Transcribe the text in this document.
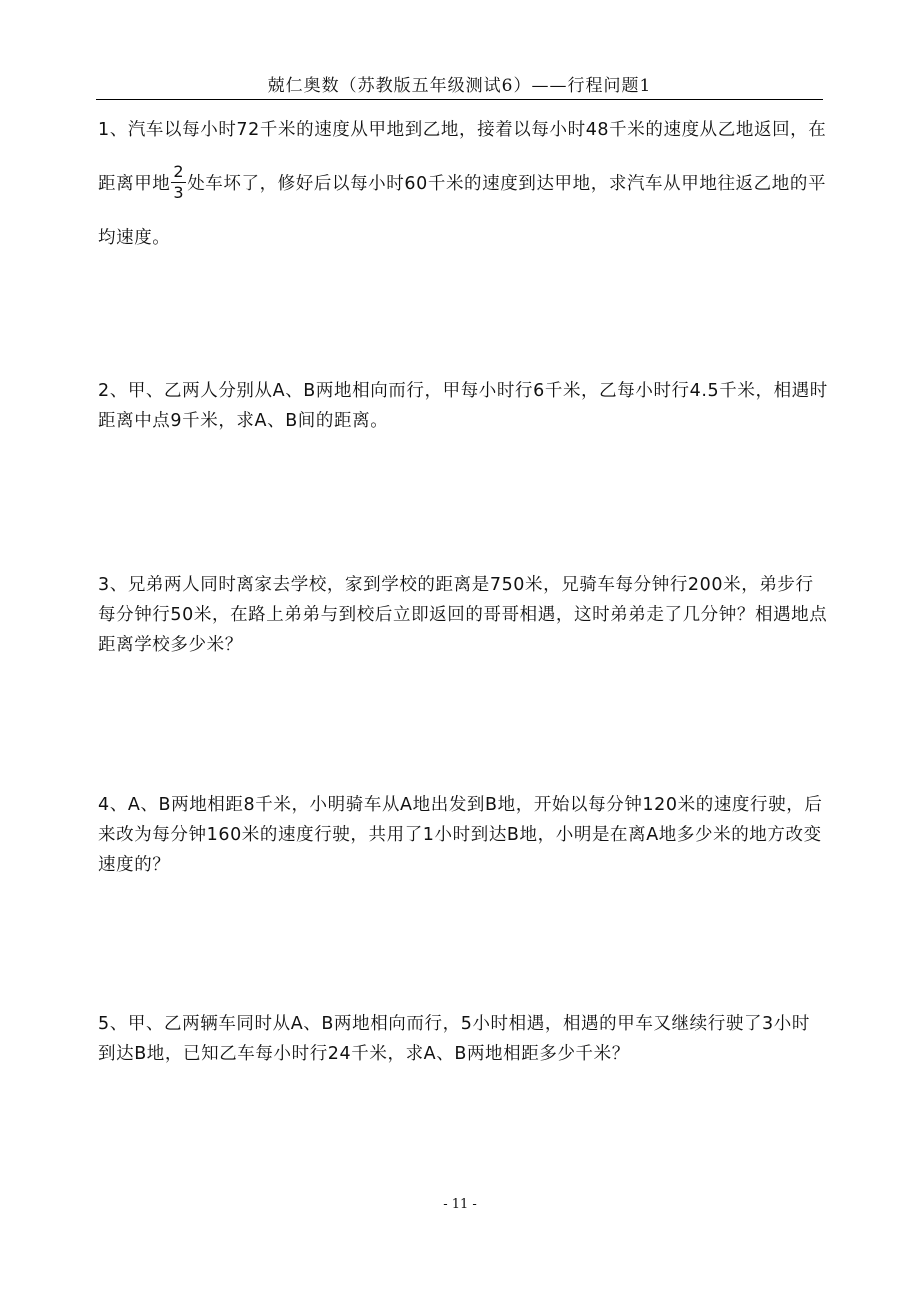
兢仁奥数（苏教版五年级测试6）——行程问题1

1、汽车以每小时72千米的速度从甲地到乙地，接着以每小时48千米的速度从乙地返回，在距离甲地 $\frac{2}{3}$ 处车坏了，修好后以每小时60千米的速度到达甲地，求汽车从甲地往返乙地的平均速度。

2、甲、乙两人分别从A、B两地相向而行，甲每小时行6千米，乙每小时行4.5千米，相遇时距离中点9千米，求A、B间的距离。

3、兄弟两人同时离家去学校，家到学校的距离是750米，兄骑车每分钟行200米，弟步行每分钟行50米，在路上弟弟与到校后立即返回的哥哥相遇，这时弟弟走了几分钟？相遇地点距离学校多少米？

4、A、B两地相距8千米，小明骑车从A地出发到B地，开始以每分钟120米的速度行驶，后来改为每分钟160米的速度行驶，共用了1小时到达B地，小明是在离A地多少米的地方改变速度的？

5、甲、乙两辆车同时从A、B两地相向而行，5小时相遇，相遇的甲车又继续行驶了3小时到达B地，已知乙车每小时行24千米，求A、B两地相距多少千米？

- 11 -
